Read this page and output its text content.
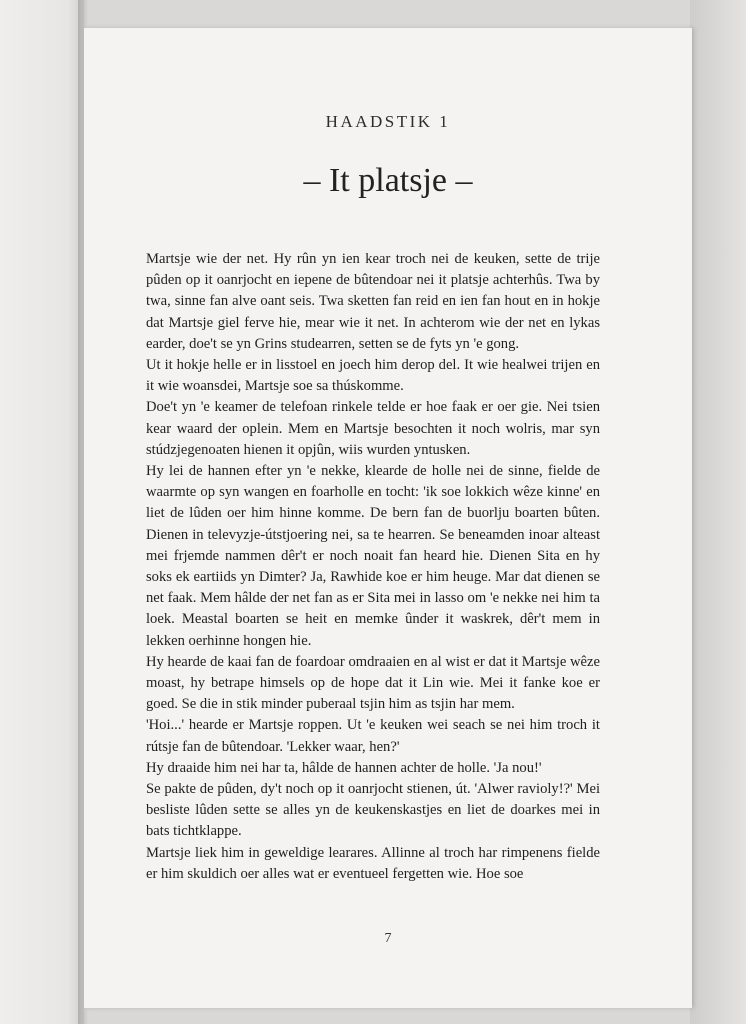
HAADSTIK 1
– It platsje –

Martsje wie der net. Hy rûn yn ien kear troch nei de keuken, sette de trije pûden op it oanrjocht en iepene de bûtendoar nei it platsje achterhûs. Twa by twa, sinne fan alve oant seis. Twa sketten fan reid en ien fan hout en in hokje dat Martsje giel ferve hie, mear wie it net. In achterom wie der net en lykas earder, doe't se yn Grins studearren, setten se de fyts yn 'e gong.

Ut it hokje helle er in lisstoel en joech him derop del. It wie healwei trijen en it wie woansdei, Martsje soe sa thúskomme.

Doe't yn 'e keamer de telefoan rinkele telde er hoe faak er oer gie. Nei tsien kear waard der oplein. Mem en Martsje besochten it noch wolris, mar syn stúdzjegenoaten hienen it opjûn, wiis wurden yntusken.

Hy lei de hannen efter yn 'e nekke, klearde de holle nei de sinne, fielde de waarmte op syn wangen en foarholle en tocht: 'ik soe lokkich wêze kinne' en liet de lûden oer him hinne komme. De bern fan de buorlju boarten bûten. Dienen in televyzje-útstjoering nei, sa te hearren. Se beneamden inoar alteast mei frjemde nammen dêr't er noch noait fan heard hie. Dienen Sita en hy soks ek eartiids yn Dimter? Ja, Rawhide koe er him heuge. Mar dat dienen se net faak. Mem hâlde der net fan as er Sita mei in lasso om 'e nekke nei him ta loek. Meastal boarten se heit en memke ûnder it waskrek, dêr't mem in lekken oerhinne hongen hie.

Hy hearde de kaai fan de foardoar omdraaien en al wist er dat it Martsje wêze moast, hy betrape himsels op de hope dat it Lin wie. Mei it fanke koe er goed. Se die in stik minder puberaal tsjin him as tsjin har mem.

'Hoi...' hearde er Martsje roppen. Ut 'e keuken wei seach se nei him troch it rútsje fan de bûtendoar. 'Lekker waar, hen?'

Hy draaide him nei har ta, hâlde de hannen achter de holle. 'Ja nou!'

Se pakte de pûden, dy't noch op it oanrjocht stienen, út. 'Alwer ravioly!?' Mei besliste lûden sette se alles yn de keukenskastjes en liet de doarkes mei in bats tichtklappe.

Martsje liek him in geweldige learares. Allinne al troch har rimpenens fielde er him skuldich oer alles wat er eventueel fergetten wie. Hoe soe

7
